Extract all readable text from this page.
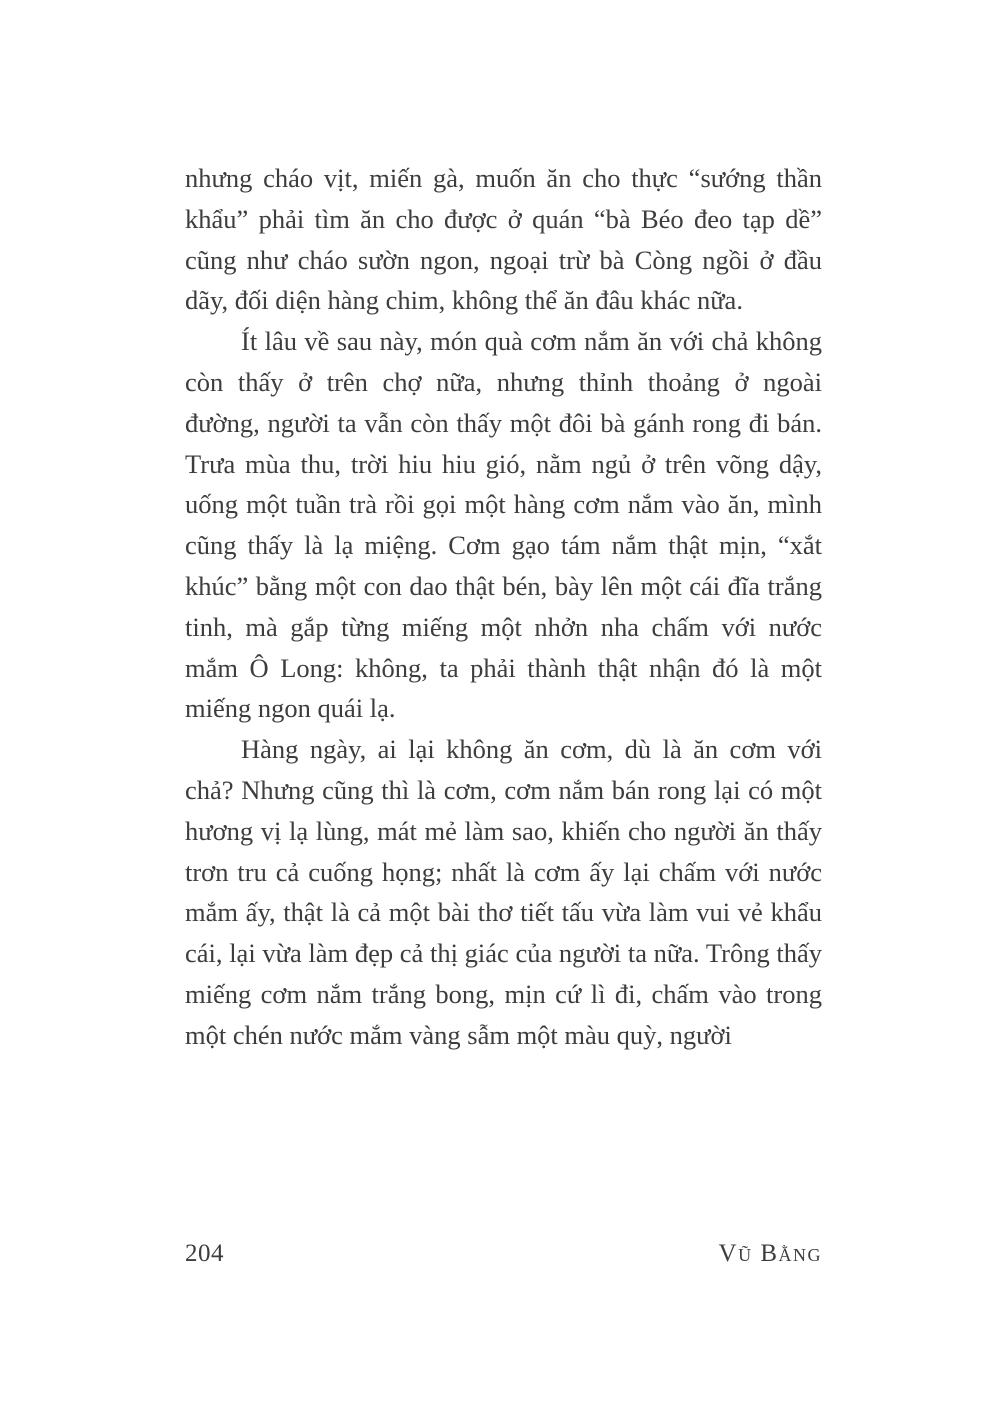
nhưng cháo vịt, miến gà, muốn ăn cho thực “sướng thần khẩu” phải tìm ăn cho được ở quán “bà Béo đeo tạp dề” cũng như cháo sườn ngon, ngoại trừ bà Còng ngồi ở đầu dãy, đối diện hàng chim, không thể ăn đâu khác nữa.

Ít lâu về sau này, món quà cơm nắm ăn với chả không còn thấy ở trên chợ nữa, nhưng thỉnh thoảng ở ngoài đường, người ta vẫn còn thấy một đôi bà gánh rong đi bán. Trưa mùa thu, trời hiu hiu gió, nằm ngủ ở trên võng dậy, uống một tuần trà rồi gọi một hàng cơm nắm vào ăn, mình cũng thấy là lạ miệng. Cơm gạo tám nắm thật mịn, “xắt khúc” bằng một con dao thật bén, bày lên một cái đĩa trắng tinh, mà gắp từng miếng một nhởn nha chấm với nước mắm Ô Long: không, ta phải thành thật nhận đó là một miếng ngon quái lạ.

Hàng ngày, ai lại không ăn cơm, dù là ăn cơm với chả? Nhưng cũng thì là cơm, cơm nắm bán rong lại có một hương vị lạ lùng, mát mẻ làm sao, khiến cho người ăn thấy trơn tru cả cuống họng; nhất là cơm ấy lại chấm với nước mắm ấy, thật là cả một bài thơ tiết tấu vừa làm vui vẻ khẩu cái, lại vừa làm đẹp cả thị giác của người ta nữa. Trông thấy miếng cơm nắm trắng bong, mịn cứ lì đi, chấm vào trong một chén nước mắm vàng sẫm một màu quỳ, người

204	Vũ Bằng
